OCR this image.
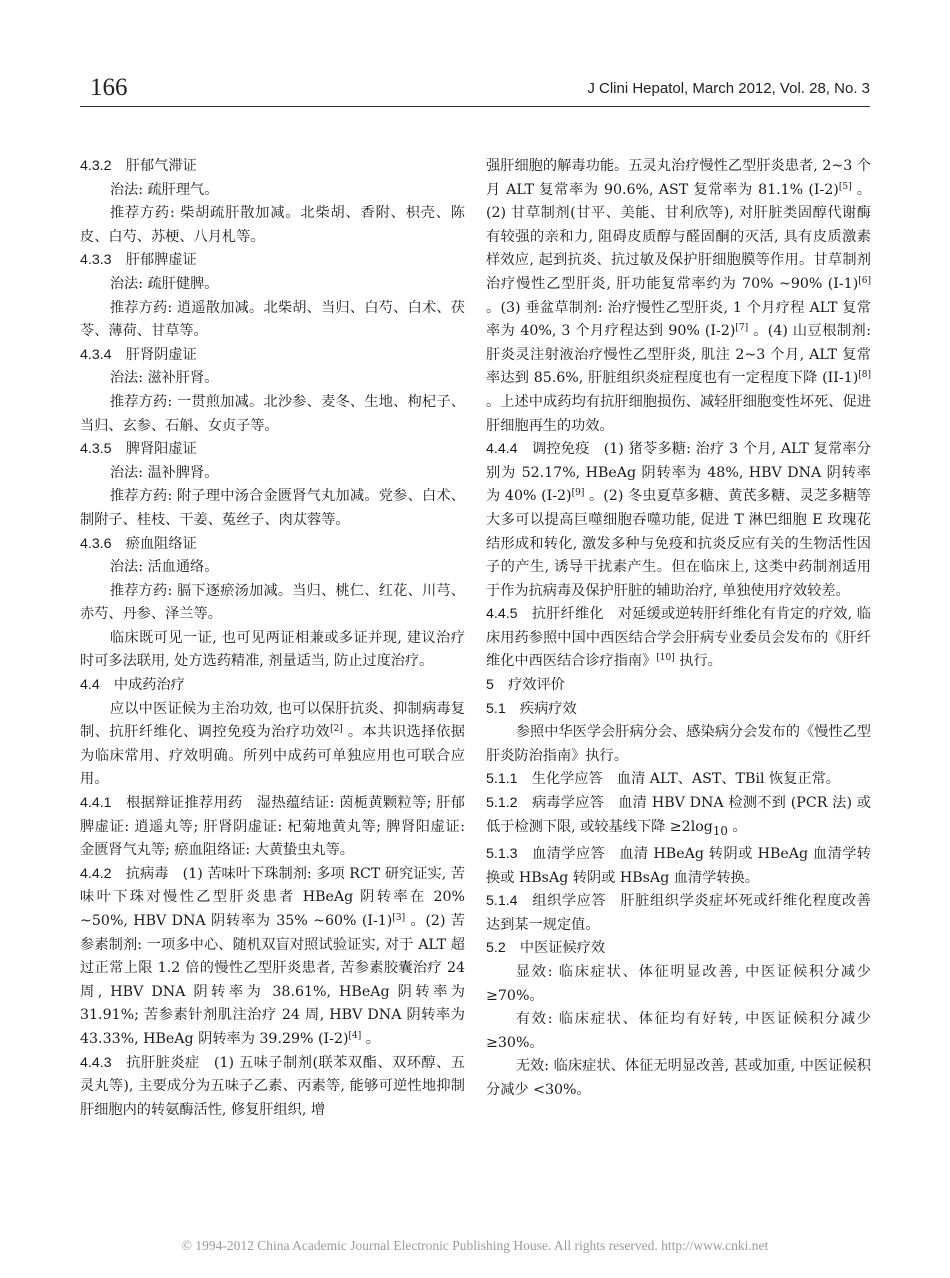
166	J Clini Hepatol, March 2012, Vol. 28, No. 3

4.3.2 肝郁气滞证

治法: 疏肝理气。

推荐方药: 柴胡疏肝散加减。北柴胡、香附、枳壳、陈皮、白芍、苏梗、八月札等。

4.3.3 肝郁脾虚证

治法: 疏肝健脾。

推荐方药: 逍遥散加减。北柴胡、当归、白芍、白术、茯苓、薄荷、甘草等。

4.3.4 肝肾阴虚证

治法: 滋补肝肾。

推荐方药: 一贯煎加减。北沙参、麦冬、生地、枸杞子、当归、玄参、石斛、女贞子等。

4.3.5 脾肾阳虚证

治法: 温补脾肾。

推荐方药: 附子理中汤合金匮肾气丸加减。党参、白术、制附子、桂枝、干姜、菟丝子、肉苁蓉等。

4.3.6 瘀血阻络证

治法: 活血通络。

推荐方药: 膈下逐瘀汤加减。当归、桃仁、红花、川芎、赤芍、丹参、泽兰等。

临床既可见一证, 也可见两证相兼或多证并现, 建议治疗时可多法联用, 处方选药精准, 剂量适当, 防止过度治疗。

4.4 中成药治疗

应以中医证候为主治功效, 也可以保肝抗炎、抑制病毒复制、抗肝纤维化、调控免疫为治疗功效[2] 。本共识选择依据为临床常用、疗效明确。所列中成药可单独应用也可联合应用。

4.4.1 根据辩证推荐用药 湿热蕴结证: 茵栀黄颗粒等; 肝郁脾虚证: 逍遥丸等; 肝肾阴虚证: 杞菊地黄丸等; 脾肾阳虚证: 金匮肾气丸等; 瘀血阻络证: 大黄蛰虫丸等。

4.4.2 抗病毒 (1) 苦味叶下珠制剂: 多项 RCT 研究证实, 苦味叶下珠对慢性乙型肝炎患者 HBeAg 阴转率在 20% ~50%, HBV DNA 阴转率为 35% ~60% (I-1)[3] 。(2) 苦参素制剂: 一项多中心、随机双盲对照试验证实, 对于 ALT 超过正常上限 1.2 倍的慢性乙型肝炎患者, 苦参素胶囊治疗 24 周, HBV DNA 阴转率为 38.61%, HBeAg 阴转率为31.91%; 苦参素针剂肌注治疗 24 周, HBV DNA 阴转率为 43.33%, HBeAg 阴转率为 39.29% (I-2)[4] 。

4.4.3 抗肝脏炎症 (1) 五味子制剂(联苯双酯、双环醇、五灵丸等), 主要成分为五味子乙素、丙素等, 能够可逆性地抑制肝细胞内的转氨酶活性, 修复肝组织, 增

强肝细胞的解毒功能。五灵丸治疗慢性乙型肝炎患者, 2~3 个月 ALT 复常率为 90.6%, AST 复常率为 81.1% (I-2)[5] 。(2) 甘草制剂(甘平、美能、甘利欣等), 对肝脏类固醇代谢酶有较强的亲和力, 阻碍皮质醇与醛固酮的灭活, 具有皮质激素样效应, 起到抗炎、抗过敏及保护肝细胞膜等作用。甘草制剂治疗慢性乙型肝炎, 肝功能复常率约为 70% ~90% (I-1)[6] 。(3) 垂盆草制剂: 治疗慢性乙型肝炎, 1 个月疗程 ALT 复常率为 40%, 3 个月疗程达到 90% (I-2)[7] 。(4) 山豆根制剂: 肝炎灵注射液治疗慢性乙型肝炎, 肌注 2~3 个月, ALT 复常率达到 85.6%, 肝脏组织炎症程度也有一定程度下降 (II-1)[8] 。上述中成药均有抗肝细胞损伤、减轻肝细胞变性坏死、促进肝细胞再生的功效。

4.4.4 调控免疫 (1) 猪苓多糖: 治疗 3 个月, ALT 复常率分别为 52.17%, HBeAg 阴转率为 48%, HBV DNA 阴转率为 40% (I-2)[9] 。(2) 冬虫夏草多糖、黄芪多糖、灵芝多糖等大多可以提高巨噬细胞吞噬功能, 促进 T 淋巴细胞 E 玫瑰花结形成和转化, 激发多种与免疫和抗炎反应有关的生物活性因子的产生, 诱导干扰素产生。但在临床上, 这类中药制剂适用于作为抗病毒及保护肝脏的辅助治疗, 单独使用疗效较差。

4.4.5 抗肝纤维化 对延缓或逆转肝纤维化有肯定的疗效, 临床用药参照中国中西医结合学会肝病专业委员会发布的《肝纤维化中西医结合诊疗指南》[10] 执行。

5 疗效评价

5.1 疾病疗效

参照中华医学会肝病分会、感染病分会发布的《慢性乙型肝炎防治指南》执行。

5.1.1 生化学应答 血清 ALT、AST、TBil 恢复正常。

5.1.2 病毒学应答 血清 HBV DNA 检测不到 (PCR 法) 或低于检测下限, 或较基线下降 $\ge 2\log_{10}$ 。

5.1.3 血清学应答 血清 HBeAg 转阴或 HBeAg 血清学转换或 HBsAg 转阴或 HBsAg 血清学转换。

5.1.4 组织学应答 肝脏组织学炎症坏死或纤维化程度改善达到某一规定值。

5.2 中医证候疗效

显效: 临床症状、体征明显改善, 中医证候积分减少 ≥70%。

有效: 临床症状、体征均有好转, 中医证候积分减少 ≥30%。

无效: 临床症状、体征无明显改善, 甚或加重, 中医证候积分减少 <30%。

© 1994-2012 China Academic Journal Electronic Publishing House. All rights reserved. http://www.cnki.net
